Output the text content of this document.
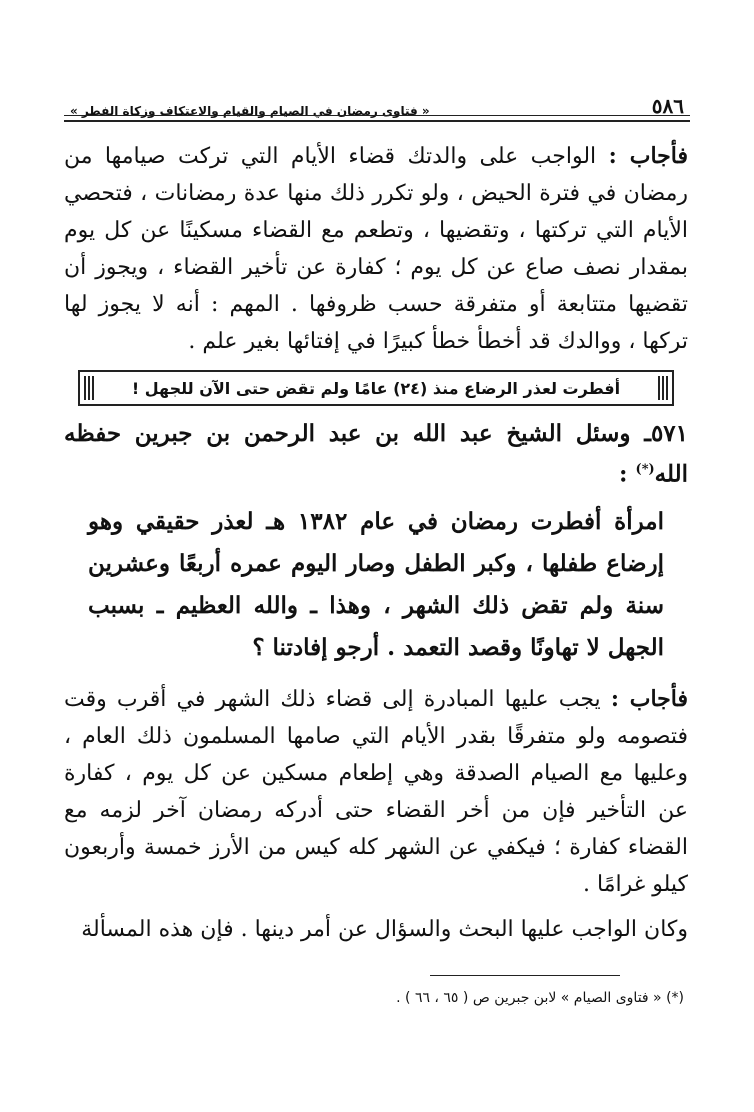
٥٨٦
« فتاوى رمضان في الصيام والقيام والاعتكاف وزكاة الفطر »

فأجاب : الواجب على والدتك قضاء الأيام التي تركت صيامها من رمضان في فترة الحيض ، ولو تكرر ذلك منها عدة رمضانات ، فتحصي الأيام التي تركتها ، وتقضيها ، وتطعم مع القضاء مسكينًا عن كل يوم بمقدار نصف صاع عن كل يوم ؛ كفارة عن تأخير القضاء ، ويجوز أن تقضيها متتابعة أو متفرقة حسب ظروفها . المهم : أنه لا يجوز لها تركها ، ووالدك قد أخطأ خطأ كبيرًا في إفتائها بغير علم .

أفطرت لعذر الرضاع منذ (٢٤) عامًا ولم تقض حتى الآن للجهل !
٥٧١ـ وسئل الشيخ عبد الله بن عبد الرحمن بن جبرين حفظه الله(*) :

امرأة أفطرت رمضان في عام ١٣٨٢ هـ لعذر حقيقي وهو إرضاع طفلها ، وكبر الطفل وصار اليوم عمره أربعًا وعشرين سنة ولم تقض ذلك الشهر ، وهذا ـ والله العظيم ـ بسبب الجهل لا تهاونًا وقصد التعمد . أرجو إفادتنا ؟

فأجاب : يجب عليها المبادرة إلى قضاء ذلك الشهر في أقرب وقت فتصومه ولو متفرقًا بقدر الأيام التي صامها المسلمون ذلك العام ، وعليها مع الصيام الصدقة وهي إطعام مسكين عن كل يوم ، كفارة عن التأخير فإن من أخر القضاء حتى أدركه رمضان آخر لزمه مع القضاء كفارة ؛ فيكفي عن الشهر كله كيس من الأرز خمسة وأربعون كيلو غرامًا .

وكان الواجب عليها البحث والسؤال عن أمر دينها . فإن هذه المسألة

(*) « فتاوى الصيام » لابن جبرين ص ( ٦٥ ، ٦٦ ) .
